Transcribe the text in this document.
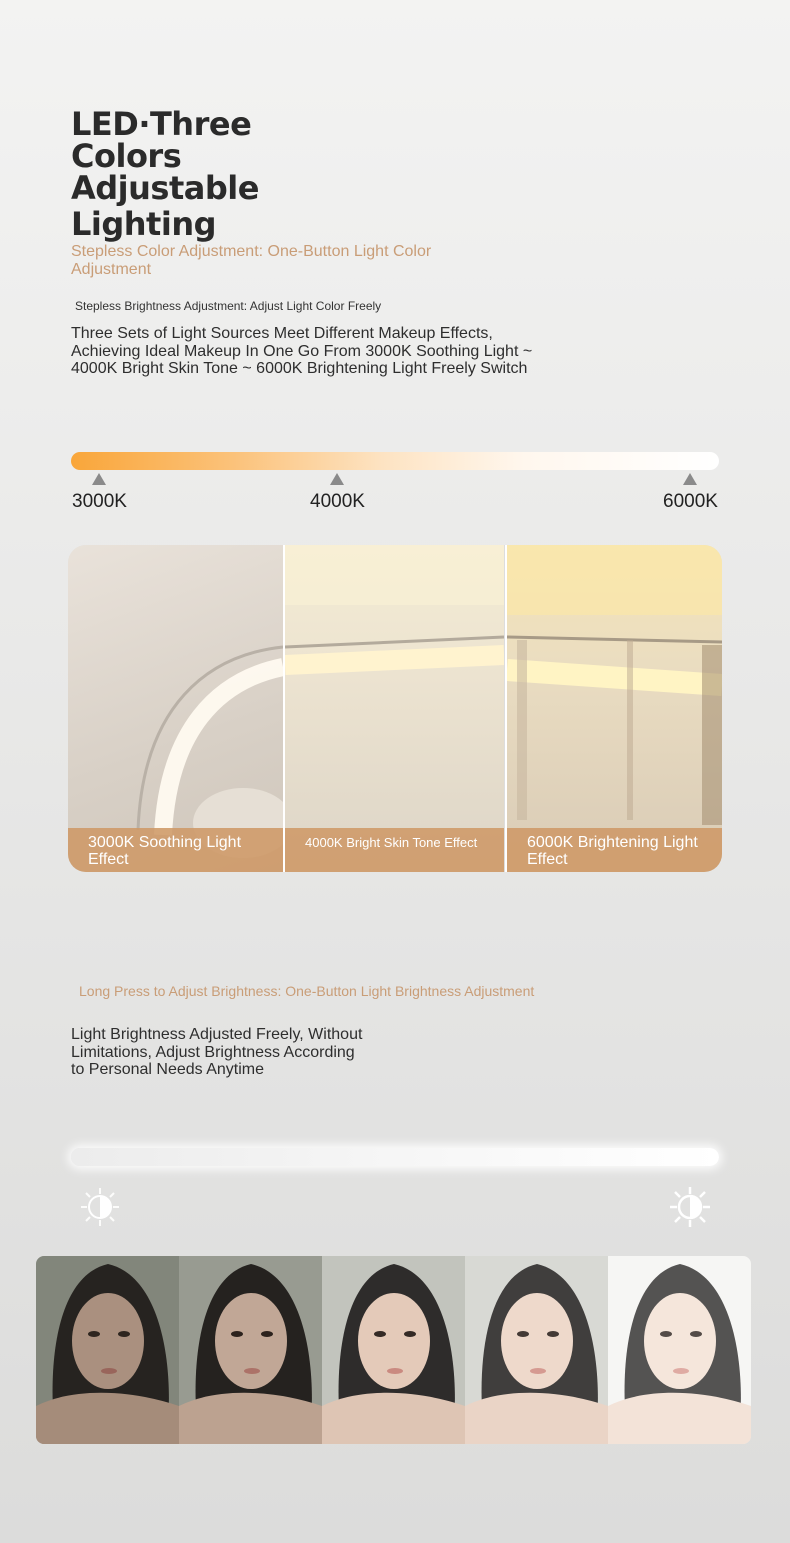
LED·Three Colors
Adjustable
Lighting
Stepless Color Adjustment: One-Button Light Color Adjustment
Stepless Brightness Adjustment: Adjust Light Color Freely
Three Sets of Light Sources Meet Different Makeup Effects, Achieving Ideal Makeup In One Go From 3000K Soothing Light ~ 4000K Bright Skin Tone ~ 6000K Brightening Light Freely Switch
3000K	4000K	6000K
3000K Soothing Light Effect
4000K Bright Skin Tone Effect	6000K Brightening Light Effect
Long Press to Adjust Brightness: One-Button Light Brightness Adjustment
Light Brightness Adjusted Freely, Without Limitations, Adjust Brightness According to Personal Needs Anytime
